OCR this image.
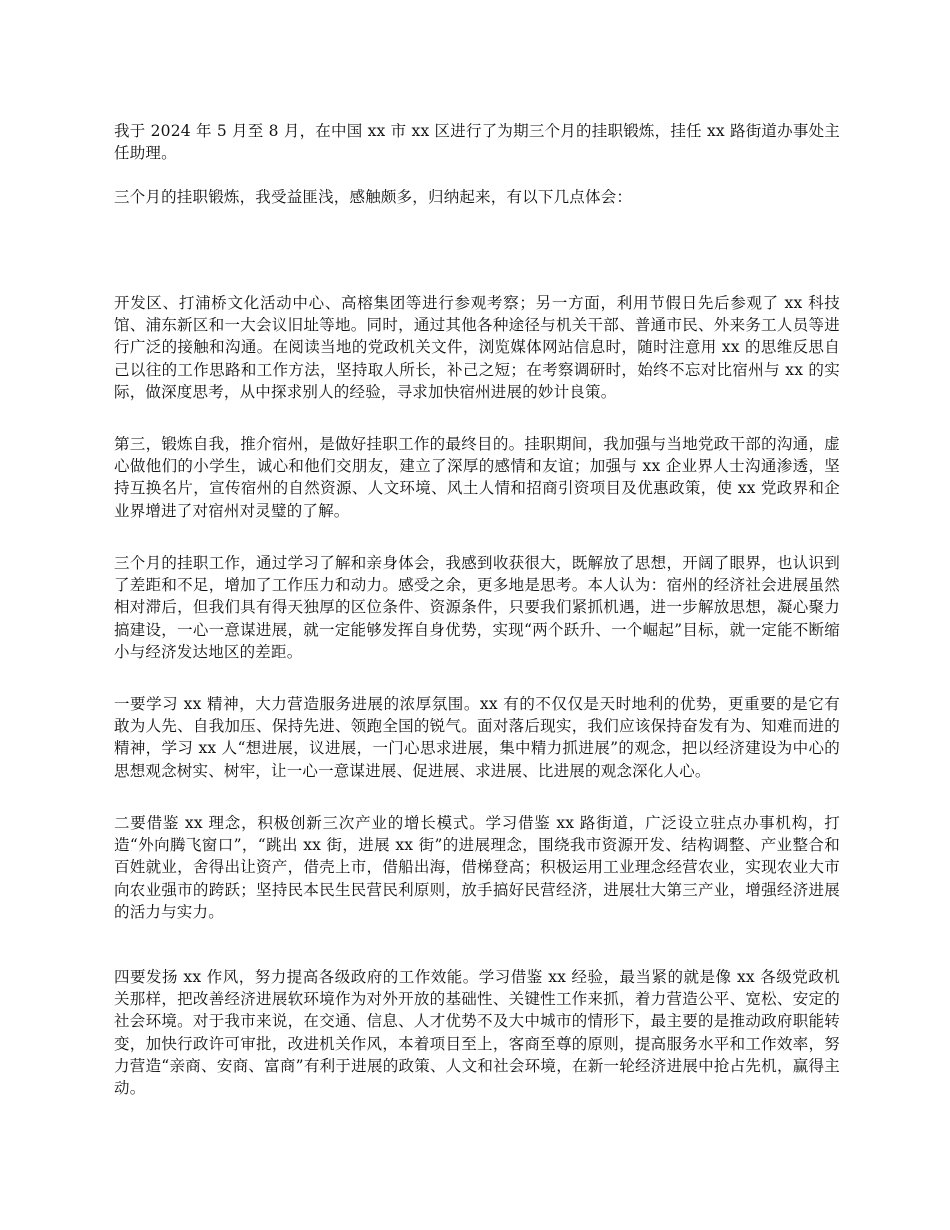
我于 2024 年 5 月至 8 月，在中国 xx 市 xx 区进行了为期三个月的挂职锻炼，挂任 xx 路街道办事处主任助理。

三个月的挂职锻炼，我受益匪浅，感触颇多，归纳起来，有以下几点体会：

开发区、打浦桥文化活动中心、高榕集团等进行参观考察；另一方面，利用节假日先后参观了 xx 科技馆、浦东新区和一大会议旧址等地。同时，通过其他各种途径与机关干部、普通市民、外来务工人员等进行广泛的接触和沟通。在阅读当地的党政机关文件，浏览媒体网站信息时，随时注意用 xx 的思维反思自己以往的工作思路和工作方法，坚持取人所长，补己之短；在考察调研时，始终不忘对比宿州与 xx 的实际，做深度思考，从中探求别人的经验，寻求加快宿州进展的妙计良策。

第三，锻炼自我，推介宿州，是做好挂职工作的最终目的。挂职期间，我加强与当地党政干部的沟通，虚心做他们的小学生，诚心和他们交朋友，建立了深厚的感情和友谊；加强与 xx 企业界人士沟通渗透，坚持互换名片，宣传宿州的自然资源、人文环境、风土人情和招商引资项目及优惠政策，使 xx 党政界和企业界增进了对宿州对灵璧的了解。

三个月的挂职工作，通过学习了解和亲身体会，我感到收获很大，既解放了思想，开阔了眼界，也认识到了差距和不足，增加了工作压力和动力。感受之余，更多地是思考。本人认为：宿州的经济社会进展虽然相对滞后，但我们具有得天独厚的区位条件、资源条件，只要我们紧抓机遇，进一步解放思想，凝心聚力搞建设，一心一意谋进展，就一定能够发挥自身优势，实现“两个跃升、一个崛起”目标，就一定能不断缩小与经济发达地区的差距。

一要学习 xx 精神，大力营造服务进展的浓厚氛围。xx 有的不仅仅是天时地利的优势，更重要的是它有敢为人先、自我加压、保持先进、领跑全国的锐气。面对落后现实，我们应该保持奋发有为、知难而进的精神，学习 xx 人“想进展，议进展，一门心思求进展，集中精力抓进展”的观念，把以经济建设为中心的思想观念树实、树牢，让一心一意谋进展、促进展、求进展、比进展的观念深化人心。

二要借鉴 xx 理念，积极创新三次产业的增长模式。学习借鉴 xx 路街道，广泛设立驻点办事机构，打造“外向腾飞窗口”，“跳出 xx 街，进展 xx 街”的进展理念，围绕我市资源开发、结构调整、产业整合和百姓就业，舍得出让资产，借壳上市，借船出海，借梯登高；积极运用工业理念经营农业，实现农业大市向农业强市的跨跃；坚持民本民生民营民利原则，放手搞好民营经济，进展壮大第三产业，增强经济进展的活力与实力。

四要发扬 xx 作风，努力提高各级政府的工作效能。学习借鉴 xx 经验，最当紧的就是像 xx 各级党政机关那样，把改善经济进展软环境作为对外开放的基础性、关键性工作来抓，着力营造公平、宽松、安定的社会环境。对于我市来说，在交通、信息、人才优势不及大中城市的情形下，最主要的是推动政府职能转变，加快行政许可审批，改进机关作风，本着项目至上，客商至尊的原则，提高服务水平和工作效率，努力营造“亲商、安商、富商”有利于进展的政策、人文和社会环境，在新一轮经济进展中抢占先机，赢得主动。
